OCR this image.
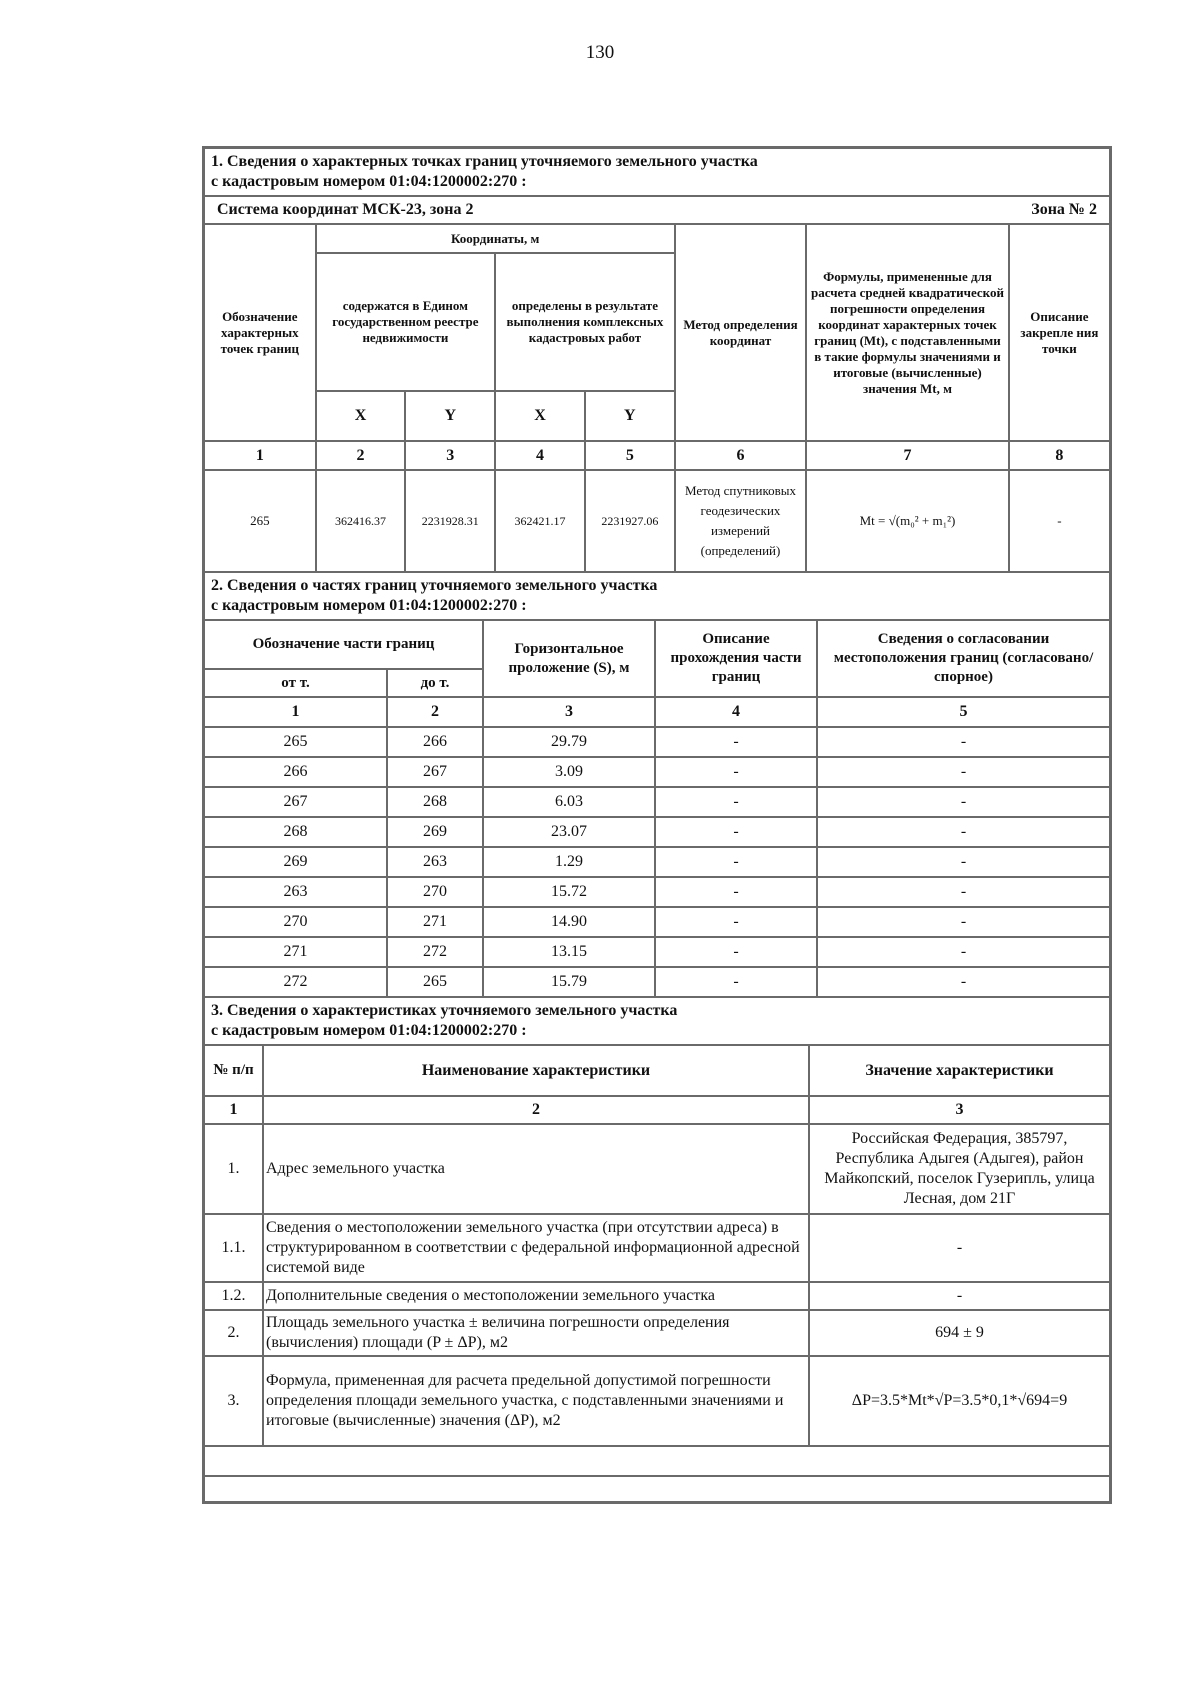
130
1. Сведения о характерных точках границ уточняемого земельного участка
с кадастровым номером 01:04:1200002:270 :
Система координат МСК-23, зона 2	Зона № 2
Обозначение характерных точек границ	Координаты, м				Метод определения координат	Формулы, примененные для расчета средней квадратической погрешности определения координат характерных точек границ (Mt), с подставленными в такие формулы значениями и итоговые (вычисленные) значения Mt, м	Описание закрепле ния точки
	содержатся в Едином государственном реестре недвижимости		определены в результате выполнения комплексных кадастровых работ				
	X	Y	X	Y			
1	2	3	4	5	6	7	8
265	362416.37	2231928.31	362421.17	2231927.06	Метод спутниковых геодезических измерений (определений)	Mt = √(m₀² + m₁²)	-
2. Сведения о частях границ уточняемого земельного участка
с кадастровым номером 01:04:1200002:270 :
Обозначение части границ		Горизонтальное проложение (S), м	Описание прохождения части границ	Сведения о согласовании местоположения границ (согласовано/спорное)
от т.	до т.			
1	2	3	4	5
265	266	29.79	-	-
266	267	3.09	-	-
267	268	6.03	-	-
268	269	23.07	-	-
269	263	1.29	-	-
263	270	15.72	-	-
270	271	14.90	-	-
271	272	13.15	-	-
272	265	15.79	-	-
3. Сведения о характеристиках уточняемого земельного участка
с кадастровым номером 01:04:1200002:270 :
№ п/п	Наименование характеристики	Значение характеристики
1	2	3
1.	Адрес земельного участка	Российская Федерация, 385797, Республика Адыгея (Адыгея), район Майкопский, поселок Гузерипль, улица Лесная, дом 21Г
1.1.	Сведения о местоположении земельного участка (при отсутствии адреса) в структурированном в соответствии с федеральной информационной адресной системой виде	-
1.2.	Дополнительные сведения о местоположении земельного участка	-
2.	Площадь земельного участка ± величина погрешности определения (вычисления) площади (P ± ΔP), м2	694 ± 9
3.	Формула, примененная для расчета предельной допустимой погрешности определения площади земельного участка, с подставленными значениями и итоговые (вычисленные) значения (ΔP), м2	ΔP=3.5*Mt*√P=3.5*0,1*√694=9
